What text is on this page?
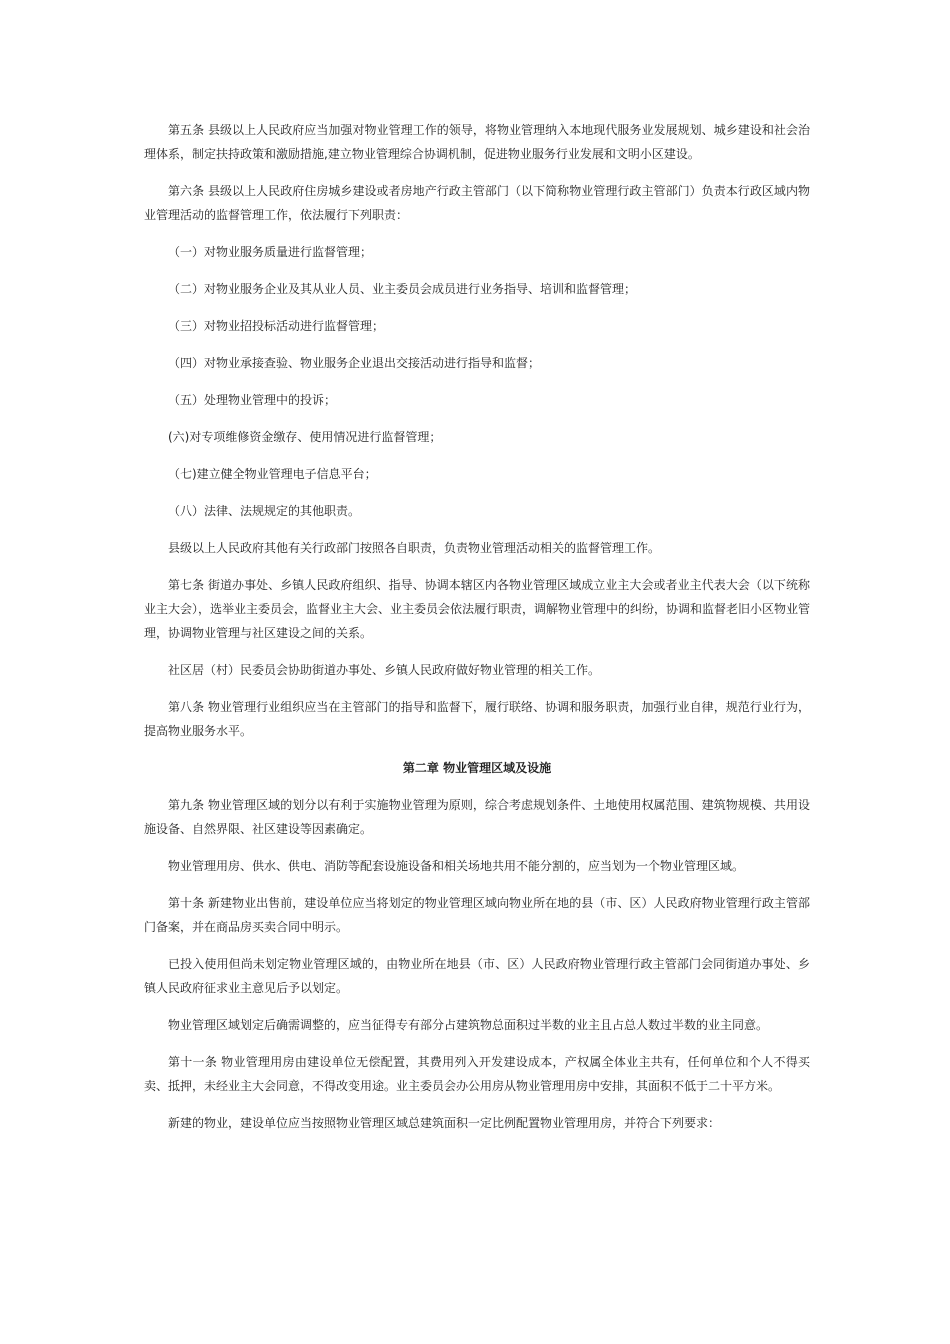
第五条 县级以上人民政府应当加强对物业管理工作的领导，将物业管理纳入本地现代服务业发展规划、城乡建设和社会治理体系，制定扶持政策和激励措施,建立物业管理综合协调机制，促进物业服务行业发展和文明小区建设。

第六条 县级以上人民政府住房城乡建设或者房地产行政主管部门（以下简称物业管理行政主管部门）负责本行政区域内物业管理活动的监督管理工作，依法履行下列职责：

（一）对物业服务质量进行监督管理；

（二）对物业服务企业及其从业人员、业主委员会成员进行业务指导、培训和监督管理；

（三）对物业招投标活动进行监督管理；

（四）对物业承接查验、物业服务企业退出交接活动进行指导和监督；

（五）处理物业管理中的投诉；

(六)对专项维修资金缴存、使用情况进行监督管理；

（七)建立健全物业管理电子信息平台；

（八）法律、法规规定的其他职责。

县级以上人民政府其他有关行政部门按照各自职责，负责物业管理活动相关的监督管理工作。

第七条 街道办事处、乡镇人民政府组织、指导、协调本辖区内各物业管理区域成立业主大会或者业主代表大会（以下统称业主大会），选举业主委员会，监督业主大会、业主委员会依法履行职责，调解物业管理中的纠纷，协调和监督老旧小区物业管理，协调物业管理与社区建设之间的关系。

社区居（村）民委员会协助街道办事处、乡镇人民政府做好物业管理的相关工作。

第八条 物业管理行业组织应当在主管部门的指导和监督下，履行联络、协调和服务职责，加强行业自律，规范行业行为，提高物业服务水平。

第二章 物业管理区域及设施

第九条 物业管理区域的划分以有利于实施物业管理为原则，综合考虑规划条件、土地使用权属范围、建筑物规模、共用设施设备、自然界限、社区建设等因素确定。

物业管理用房、供水、供电、消防等配套设施设备和相关场地共用不能分割的，应当划为一个物业管理区域。

第十条 新建物业出售前，建设单位应当将划定的物业管理区域向物业所在地的县（市、区）人民政府物业管理行政主管部门备案，并在商品房买卖合同中明示。

已投入使用但尚未划定物业管理区域的，由物业所在地县（市、区）人民政府物业管理行政主管部门会同街道办事处、乡镇人民政府征求业主意见后予以划定。

物业管理区域划定后确需调整的，应当征得专有部分占建筑物总面积过半数的业主且占总人数过半数的业主同意。

第十一条 物业管理用房由建设单位无偿配置，其费用列入开发建设成本，产权属全体业主共有，任何单位和个人不得买卖、抵押，未经业主大会同意，不得改变用途。业主委员会办公用房从物业管理用房中安排，其面积不低于二十平方米。

新建的物业，建设单位应当按照物业管理区域总建筑面积一定比例配置物业管理用房，并符合下列要求：
